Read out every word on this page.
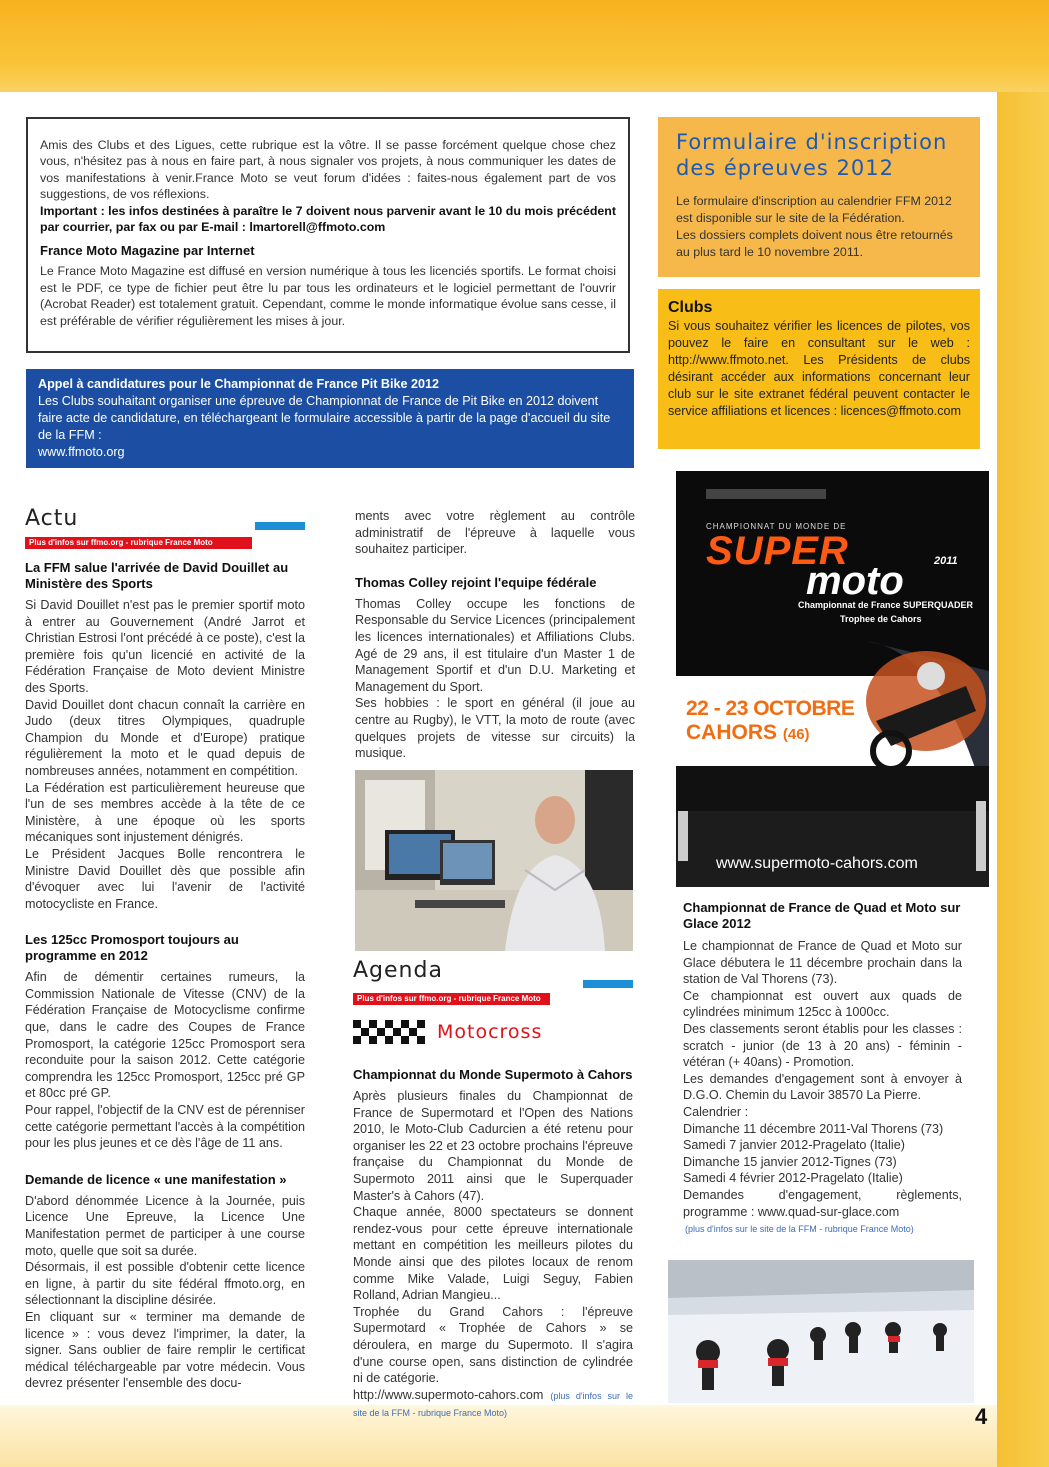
Amis des Clubs et des Ligues, cette rubrique est la vôtre. Il se passe forcément quelque chose chez vous, n'hésitez pas à nous en faire part, à nous signaler vos projets, à nous communiquer les dates de vos manifestations à venir.France Moto se veut forum d'idées : faites-nous également part de vos suggestions, de vos réflexions.

Important : les infos destinées à paraître le 7 doivent nous parvenir avant le 10 du mois précédent par courrier, par fax ou par E-mail : lmartorell@ffmoto.com

France Moto Magazine par Internet

Le France Moto Magazine est diffusé en version numérique à tous les licenciés sportifs. Le format choisi est le PDF, ce type de fichier peut être lu par tous les ordinateurs et le logiciel permettant de l'ouvrir (Acrobat Reader) est totalement gratuit. Cependant, comme le monde informatique évolue sans cesse, il est préférable de vérifier régulièrement les mises à jour.

Appel à candidatures pour le Championnat de France Pit Bike 2012

Les Clubs souhaitant organiser une épreuve de Championnat de France de Pit Bike en 2012 doivent faire acte de candidature, en téléchargeant le formulaire accessible à partir de la page d'accueil du site de la FFM :

www.ffmoto.org

Formulaire d'inscription des épreuves 2012

Le formulaire d'inscription au calendrier FFM 2012 est disponible sur le site de la Fédération.

Les dossiers complets doivent nous être retournés au plus tard le 10 novembre 2011.

Clubs

Si vous souhaitez vérifier les licences de pilotes, vos pouvez le faire en consultant sur le web : http://www.ffmoto.net. Les Présidents de clubs désirant accéder aux informations concernant leur club sur le site extranet fédéral peuvent contacter le service affiliations et licences : licences@ffmoto.com

Actu
Plus d'infos sur ffmo.org - rubrique France Moto
La FFM salue l'arrivée de David Douillet au Ministère des Sports

Si David Douillet n'est pas le premier sportif moto à entrer au Gouvernement (André Jarrot et Christian Estrosi l'ont précédé à ce poste), c'est la première fois qu'un licencié en activité de la Fédération Française de Moto devient Ministre des Sports.

David Douillet dont chacun connaît la carrière en Judo (deux titres Olympiques, quadruple Champion du Monde et d'Europe) pratique régulièrement la moto et le quad depuis de nombreuses années, notamment en compétition.

La Fédération est particulièrement heureuse que l'un de ses membres accède à la tête de ce Ministère, à une époque où les sports mécaniques sont injustement dénigrés.

Le Président Jacques Bolle rencontrera le Ministre David Douillet dès que possible afin d'évoquer avec lui l'avenir de l'activité motocycliste en France.

Les 125cc Promosport toujours au programme en 2012

Afin de démentir certaines rumeurs, la Commission Nationale de Vitesse (CNV) de la Fédération Française de Motocyclisme confirme que, dans le cadre des Coupes de France Promosport, la catégorie 125cc Promosport sera reconduite pour la saison 2012. Cette catégorie comprendra les 125cc Promosport, 125cc pré GP et 80cc pré GP.

Pour rappel, l'objectif de la CNV est de pérenniser cette catégorie permettant l'accès à la compétition pour les plus jeunes et ce dès l'âge de 11 ans.

Demande de licence « une manifestation »

D'abord dénommée Licence à la Journée, puis Licence Une Epreuve, la Licence Une Manifestation permet de participer à une course moto, quelle que soit sa durée.

Désormais, il est possible d'obtenir cette licence en ligne, à partir du site fédéral ffmoto.org, en sélectionnant la discipline désirée.

En cliquant sur « terminer ma demande de licence » : vous devez l'imprimer, la dater, la signer. Sans oublier de faire remplir le certificat médical téléchargeable par votre médecin. Vous devrez présenter l'ensemble des docu-

ments avec votre règlement au contrôle administratif de l'épreuve à laquelle vous souhaitez participer.

Thomas Colley rejoint l'equipe fédérale

Thomas Colley occupe les fonctions de Responsable du Service Licences (principalement les licences internationales) et Affiliations Clubs. Agé de 29 ans, il est titulaire d'un Master 1 de Management Sportif et d'un D.U. Marketing et Management du Sport.

Ses hobbies : le sport en général (il joue au centre au Rugby), le VTT, la moto de route (avec quelques projets de vitesse sur circuits) la musique.

Agenda
Plus d'infos sur ffmo.org - rubrique France Moto
Motocross
Championnat du Monde Supermoto à Cahors

Après plusieurs finales du Championnat de France de Supermotard et l'Open des Nations 2010, le Moto-Club Cadurcien a été retenu pour organiser les 22 et 23 octobre prochains l'épreuve française du Championnat du Monde de Supermoto 2011 ainsi que le Superquader Master's à Cahors (47).

Chaque année, 8000 spectateurs se donnent rendez-vous pour cette épreuve internationale mettant en compétition les meilleurs pilotes du Monde ainsi que des pilotes locaux de renom comme Mike Valade, Luigi Seguy, Fabien Rolland, Adrian Mangieu...

Trophée du Grand Cahors : l'épreuve Supermotard « Trophée de Cahors » se déroulera, en marge du Supermoto. Il s'agira d'une course open, sans distinction de cylindrée ni de catégorie.

http://www.supermoto-cahors.com (plus d'infos sur le site de la FFM - rubrique France Moto)

CHAMPIONNAT DU MONDE DE
SUPER	2011
moto
Championnat de France SUPERQUADER
Trophee de Cahors
22 - 23 OCTOBRE
CAHORS (46)
www.supermoto-cahors.com
Championnat de France de Quad et Moto sur Glace 2012

Le championnat de France de Quad et Moto sur Glace débutera le 11 décembre prochain dans la station de Val Thorens (73).

Ce championnat est ouvert aux quads de cylindrées minimum 125cc à 1000cc.

Des classements seront établis pour les classes : scratch - junior (de 13 à 20 ans) - féminin - vétéran (+ 40ans) - Promotion.

Les demandes d'engagement sont à envoyer à D.G.O. Chemin du Lavoir 38570 La Pierre.

Calendrier :

Dimanche 11 décembre 2011-Val Thorens (73)

Samedi 7 janvier 2012-Pragelato (Italie)

Dimanche 15 janvier 2012-Tignes (73)

Samedi 4 février 2012-Pragelato (Italie)

Demandes d'engagement, règlements, programme : www.quad-sur-glace.com

(plus d'infos sur le site de la FFM - rubrique France Moto)

4
